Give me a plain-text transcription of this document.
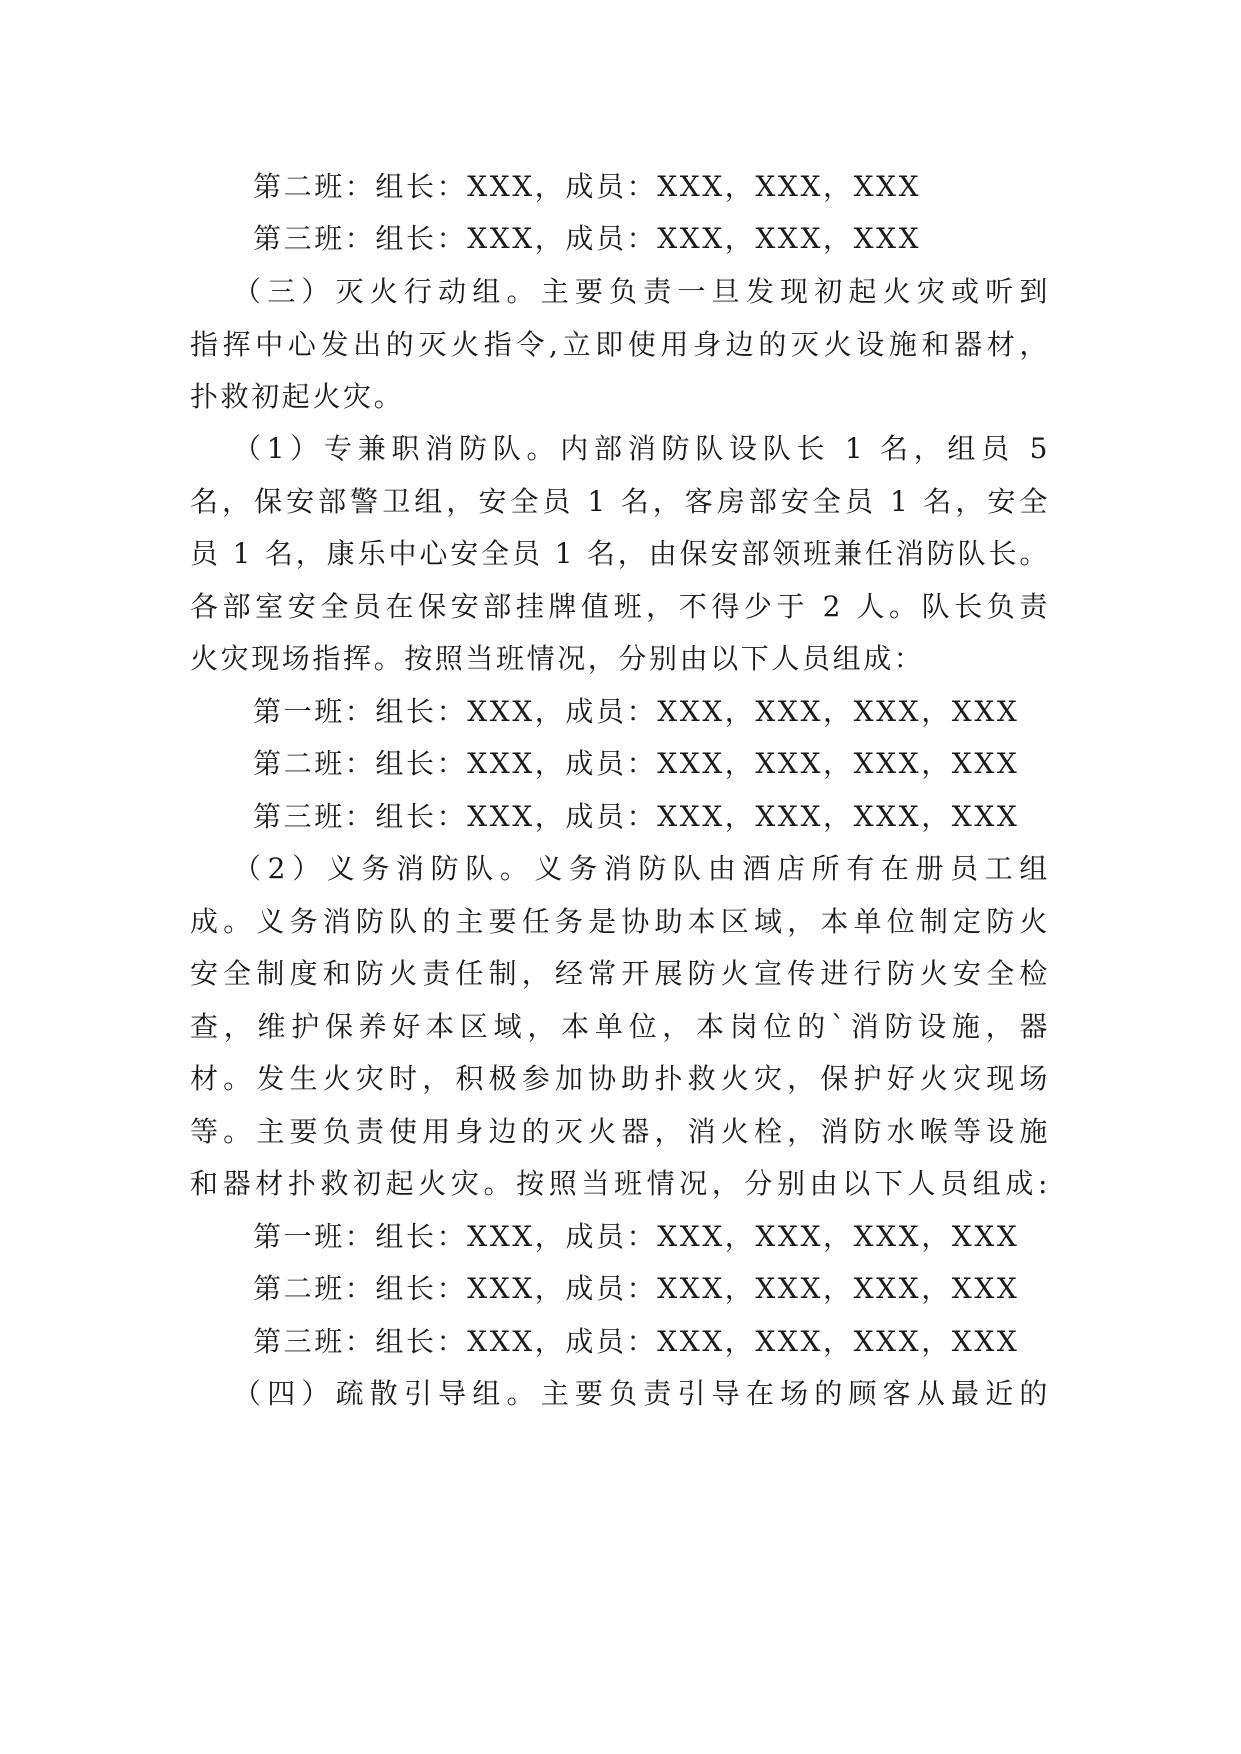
第二班：组长：XXX，成员：XXX，XXX，XXX
第三班：组长：XXX，成员：XXX，XXX，XXX
（三）灭火行动组。主要负责一旦发现初起火灾或听到
指挥中心发出的灭火指令,立即使用身边的灭火设施和器材，
扑救初起火灾。
（1）专兼职消防队。内部消防队设队长 1 名，组员 5
名，保安部警卫组，安全员 1 名，客房部安全员 1 名，安全
员 1 名，康乐中心安全员 1 名，由保安部领班兼任消防队长。
各部室安全员在保安部挂牌值班，不得少于 2 人。队长负责
火灾现场指挥。按照当班情况，分别由以下人员组成：
第一班：组长：XXX，成员：XXX，XXX，XXX，XXX
第二班：组长：XXX，成员：XXX，XXX，XXX，XXX
第三班：组长：XXX，成员：XXX，XXX，XXX，XXX
（2）义务消防队。义务消防队由酒店所有在册员工组
成。义务消防队的主要任务是协助本区域，本单位制定防火
安全制度和防火责任制，经常开展防火宣传进行防火安全检
查，维护保养好本区域，本单位，本岗位的`消防设施，器
材。发生火灾时，积极参加协助扑救火灾，保护好火灾现场
等。主要负责使用身边的灭火器，消火栓，消防水喉等设施
和器材扑救初起火灾。按照当班情况，分别由以下人员组成:
第一班：组长：XXX，成员：XXX，XXX，XXX，XXX
第二班：组长：XXX，成员：XXX，XXX，XXX，XXX
第三班：组长：XXX，成员：XXX，XXX，XXX，XXX
（四）疏散引导组。主要负责引导在场的顾客从最近的
